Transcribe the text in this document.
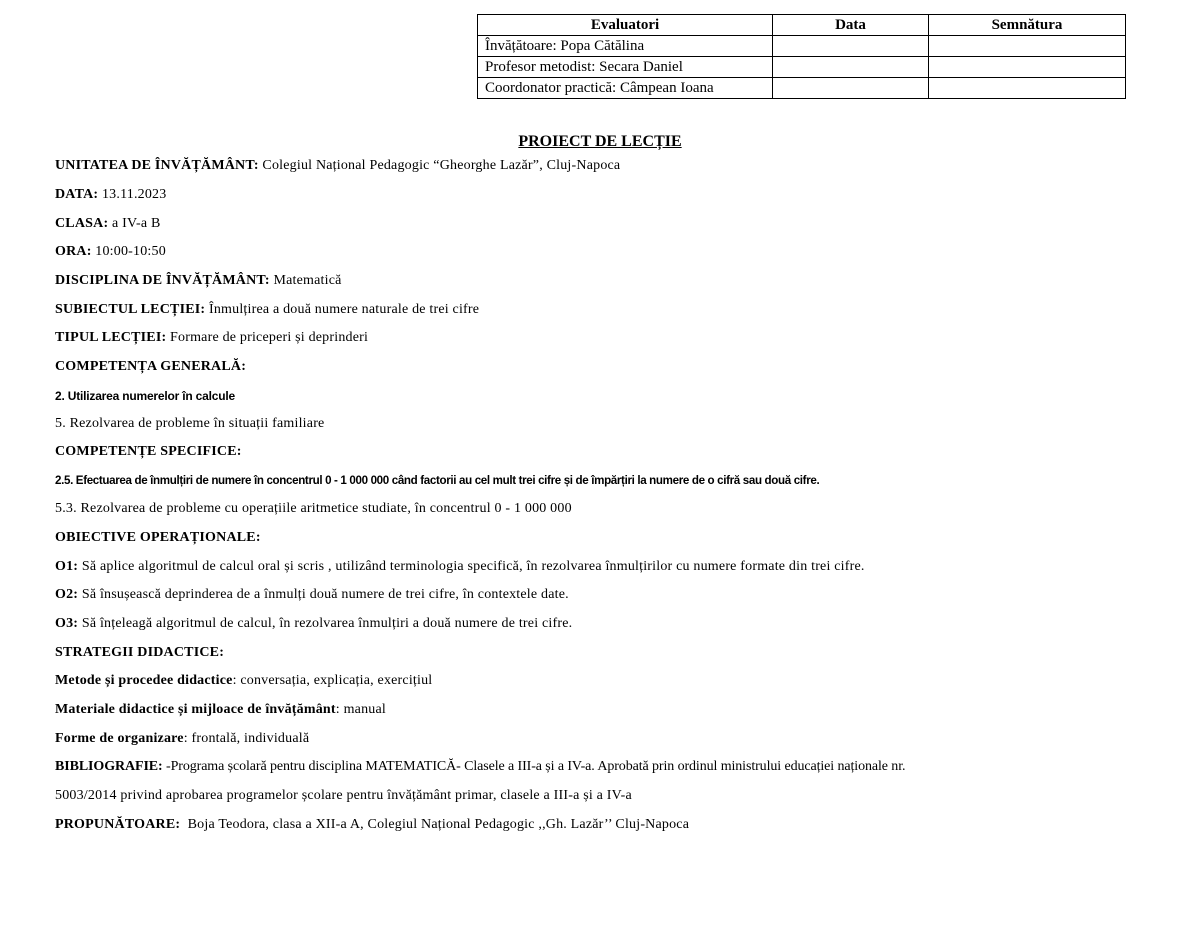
Evaluatori	Data	Semnătura
Învățătoare: Popa Cătălina		
Profesor metodist: Secara Daniel		
Coordonator practică: Câmpean Ioana		
PROIECT DE LECȚIE
UNITATEA DE ÎNVĂȚĂMÂNT: Colegiul Național Pedagogic “Gheorghe Lazăr”, Cluj-Napoca
DATA: 13.11.2023
CLASA: a IV-a B
ORA: 10:00-10:50
DISCIPLINA DE ÎNVĂȚĂMÂNT: Matematică
SUBIECTUL LECȚIEI: Înmulțirea a două numere naturale de trei cifre
TIPUL LECȚIEI: Formare de priceperi și deprinderi
COMPETENȚA GENERALĂ:
2. Utilizarea numerelor în calcule
5. Rezolvarea de probleme în situații familiare
COMPETENȚE SPECIFICE:
2.5. Efectuarea de înmulțiri de numere în concentrul 0 - 1 000 000 când factorii au cel mult trei cifre și de împărțiri la numere de o cifră sau două cifre.
5.3. Rezolvarea de probleme cu operațiile aritmetice studiate, în concentrul 0 - 1 000 000
OBIECTIVE OPERAȚIONALE:
O1: Să aplice algoritmul de calcul oral și scris , utilizând terminologia specifică, în rezolvarea înmulțirilor cu numere formate din trei cifre.
O2: Să însușească deprinderea de a înmulți două numere de trei cifre, în contextele date.
O3: Să înțeleagă algoritmul de calcul, în rezolvarea înmulțiri a două numere de trei cifre.
STRATEGII DIDACTICE:
Metode și procedee didactice: conversația, explicația, exercițiul
Materiale didactice și mijloace de învățământ: manual
Forme de organizare: frontală, individuală
BIBLIOGRAFIE: -Programa școlară pentru disciplina MATEMATICĂ- Clasele a III-a și a IV-a. Aprobată prin ordinul ministrului educației naționale nr.
5003/2014 privind aprobarea programelor școlare pentru învățământ primar, clasele a III-a și a IV-a
PROPUNĂTOARE:  Boja Teodora, clasa a XII-a A, Colegiul Național Pedagogic ,,Gh. Lazăr’’ Cluj-Napoca
